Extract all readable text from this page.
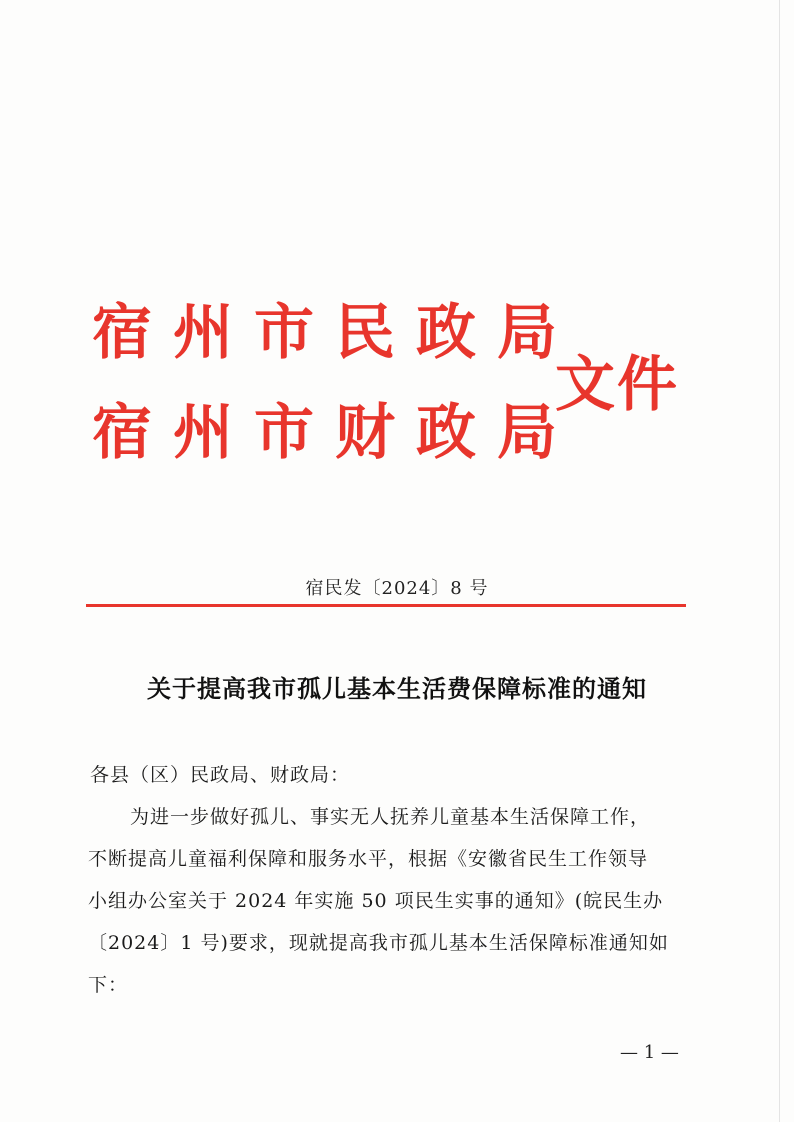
宿州市民政局
宿州市财政局
文件
宿民发〔2024〕8 号
关于提高我市孤儿基本生活费保障标准的通知
各县（区）民政局、财政局：
为进一步做好孤儿、事实无人抚养儿童基本生活保障工作，
不断提高儿童福利保障和服务水平，根据《安徽省民生工作领导
小组办公室关于 2024 年实施 50 项民生实事的通知》(皖民生办
〔2024〕1 号)要求，现就提高我市孤儿基本生活保障标准通知如
下：
— 1 —
